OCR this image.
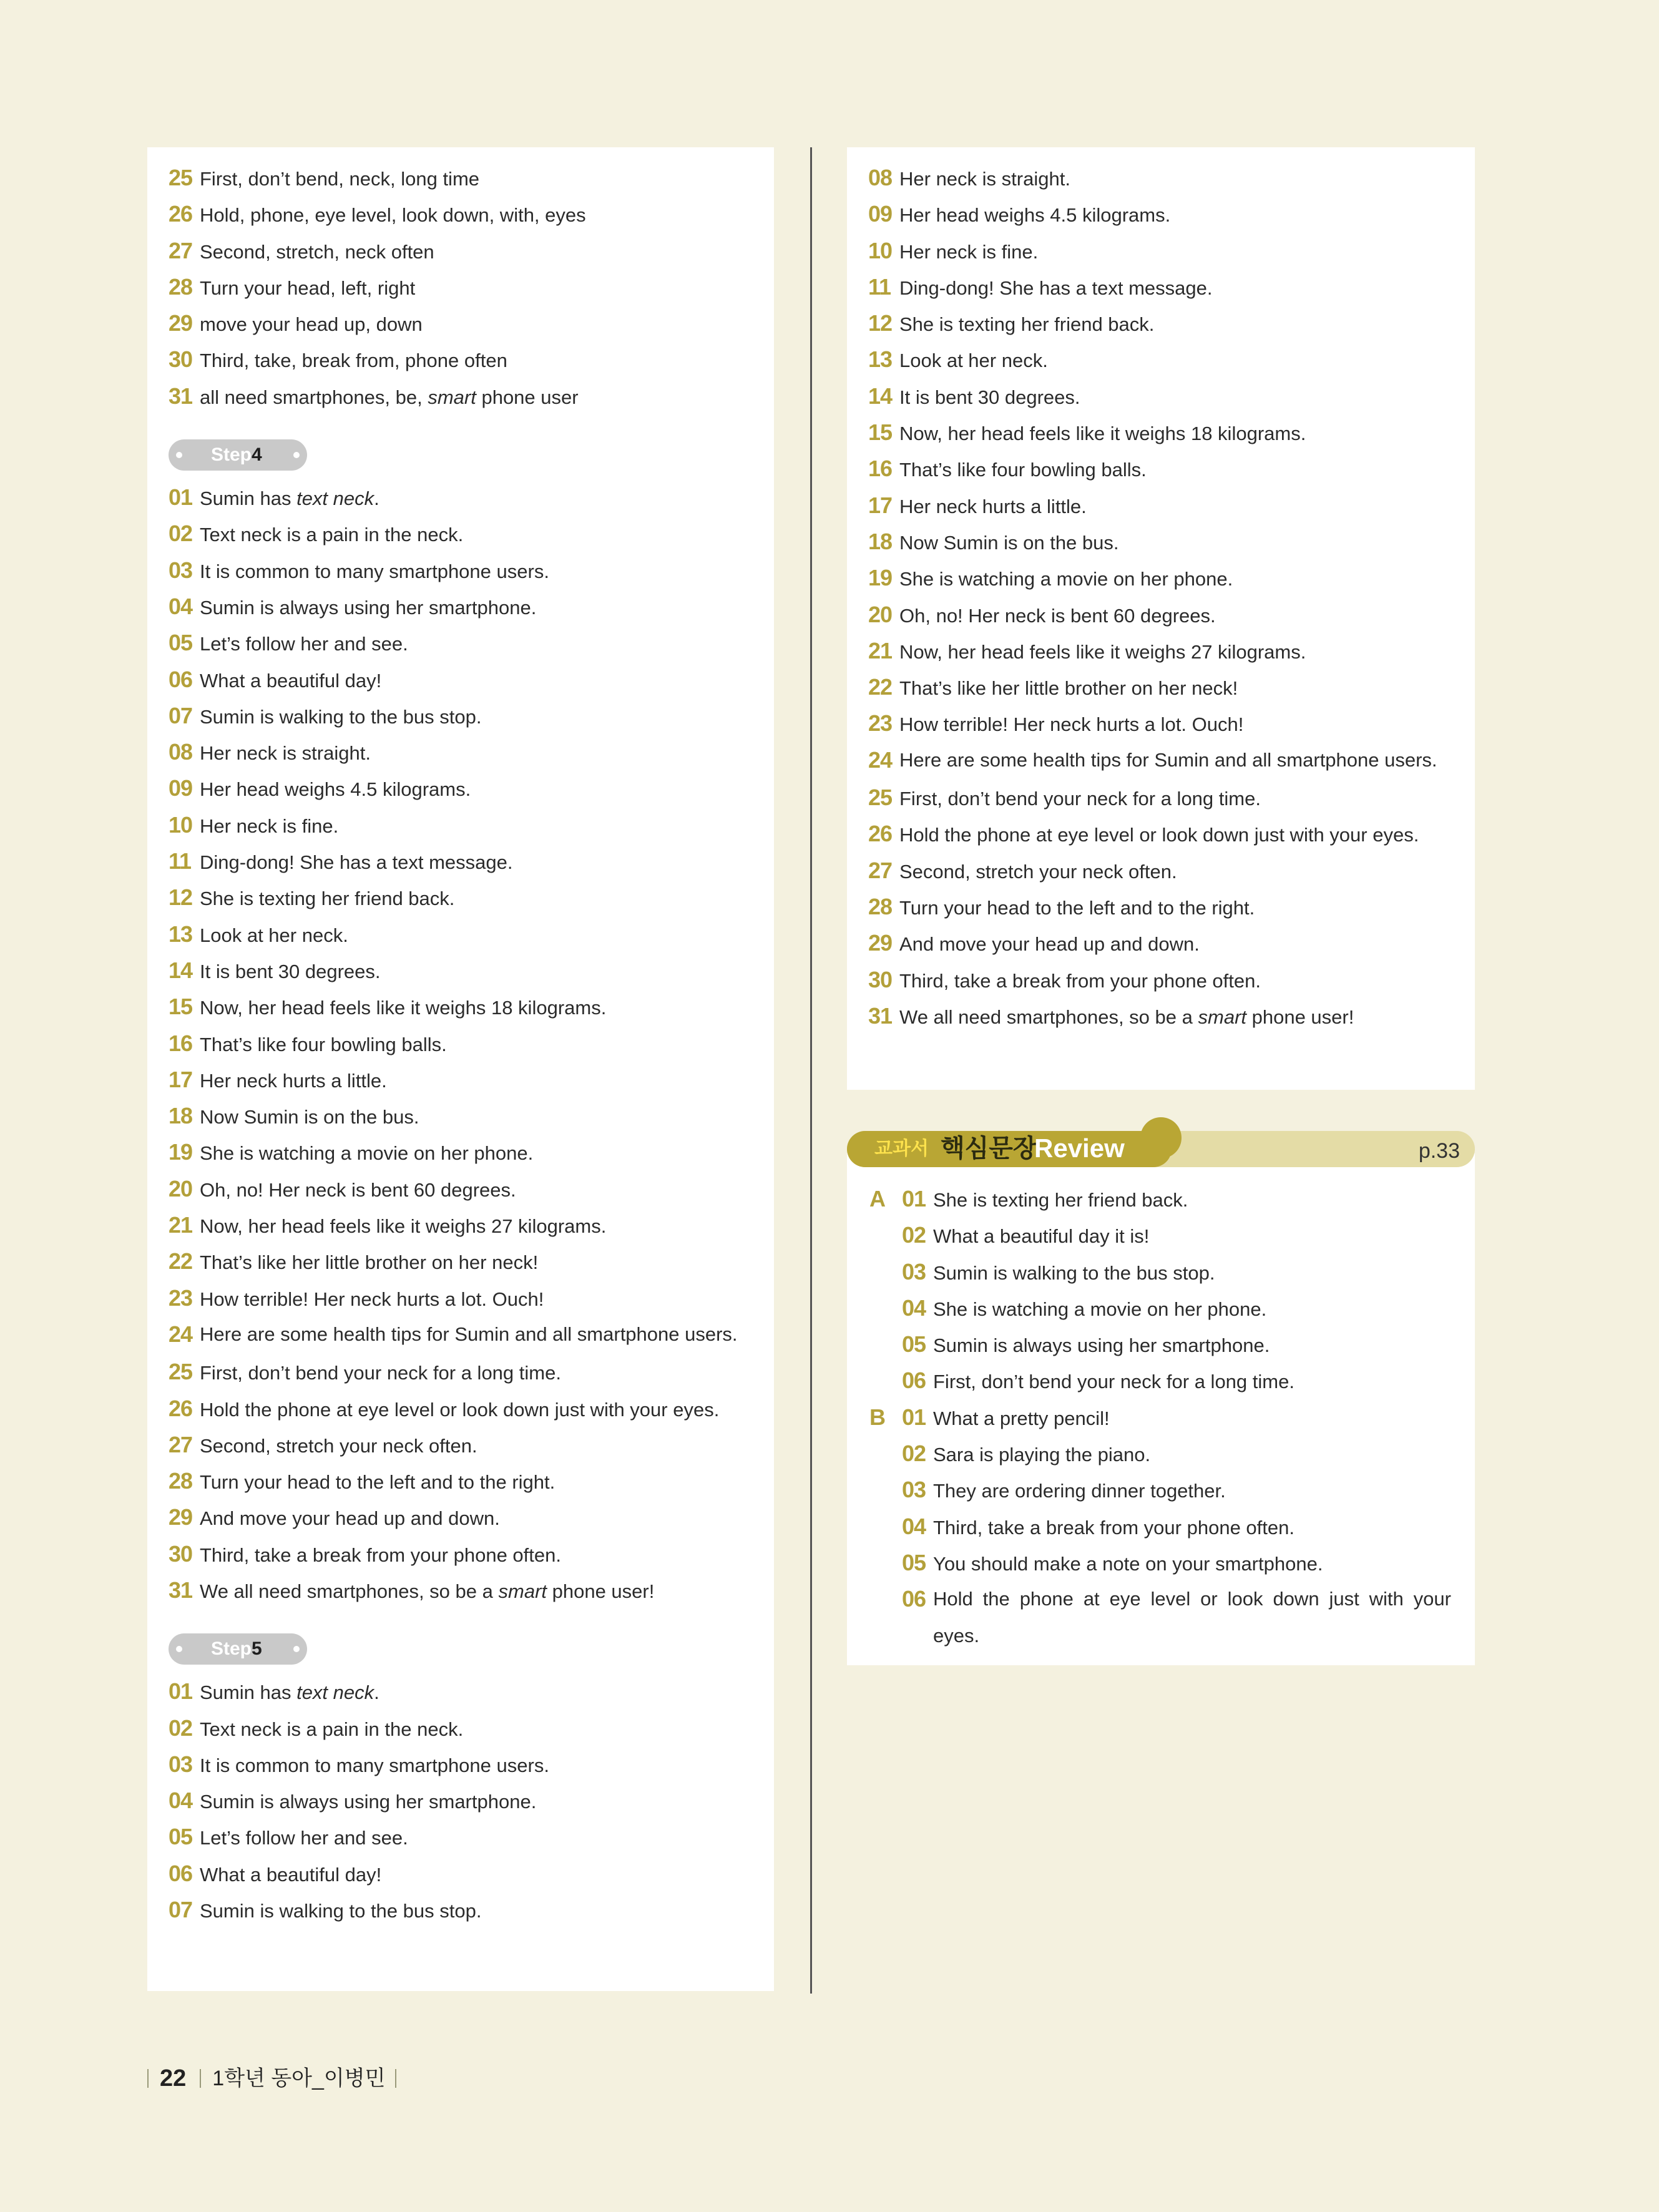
25 First, don’t bend, neck, long time
26 Hold, phone, eye level, look down, with, eyes
27 Second, stretch, neck often
28 Turn your head, left, right
29 move your head up, down
30 Third, take, break from, phone often
31 all need smartphones, be, smart phone user
Step4
01 Sumin has text neck.
02 Text neck is a pain in the neck.
03 It is common to many smartphone users.
04 Sumin is always using her smartphone.
05 Let’s follow her and see.
06 What a beautiful day!
07 Sumin is walking to the bus stop.
08 Her neck is straight.
09 Her head weighs 4.5 kilograms.
10 Her neck is fine.
11 Ding-dong! She has a text message.
12 She is texting her friend back.
13 Look at her neck.
14 It is bent 30 degrees.
15 Now, her head feels like it weighs 18 kilograms.
16 That’s like four bowling balls.
17 Her neck hurts a little.
18 Now Sumin is on the bus.
19 She is watching a movie on her phone.
20 Oh, no! Her neck is bent 60 degrees.
21 Now, her head feels like it weighs 27 kilograms.
22 That’s like her little brother on her neck!
23 How terrible! Her neck hurts a lot. Ouch!
24 Here are some health tips for Sumin and all smartphone users.
25 First, don’t bend your neck for a long time.
26 Hold the phone at eye level or look down just with your eyes.
27 Second, stretch your neck often.
28 Turn your head to the left and to the right.
29 And move your head up and down.
30 Third, take a break from your phone often.
31 We all need smartphones, so be a smart phone user!
Step5
01 Sumin has text neck.
02 Text neck is a pain in the neck.
03 It is common to many smartphone users.
04 Sumin is always using her smartphone.
05 Let’s follow her and see.
06 What a beautiful day!
07 Sumin is walking to the bus stop.
08 Her neck is straight.
09 Her head weighs 4.5 kilograms.
10 Her neck is fine.
11 Ding-dong! She has a text message.
12 She is texting her friend back.
13 Look at her neck.
14 It is bent 30 degrees.
15 Now, her head feels like it weighs 18 kilograms.
16 That’s like four bowling balls.
17 Her neck hurts a little.
18 Now Sumin is on the bus.
19 She is watching a movie on her phone.
20 Oh, no! Her neck is bent 60 degrees.
21 Now, her head feels like it weighs 27 kilograms.
22 That’s like her little brother on her neck!
23 How terrible! Her neck hurts a lot. Ouch!
24 Here are some health tips for Sumin and all smartphone users.
25 First, don’t bend your neck for a long time.
26 Hold the phone at eye level or look down just with your eyes.
27 Second, stretch your neck often.
28 Turn your head to the left and to the right.
29 And move your head up and down.
30 Third, take a break from your phone often.
31 We all need smartphones, so be a smart phone user!
A 01 She is texting her friend back.
02 What a beautiful day it is!
03 Sumin is walking to the bus stop.
04 She is watching a movie on her phone.
05 Sumin is always using her smartphone.
06 First, don’t bend your neck for a long time.
B 01 What a pretty pencil!
02 Sara is playing the piano.
03 They are ordering dinner together.
04 Third, take a break from your phone often.
05 You should make a note on your smartphone.
06 Hold the phone at eye level or look down just with your eyes.
교과서 핵심문장
Review	p.33
22 1학년 동아_이병민
